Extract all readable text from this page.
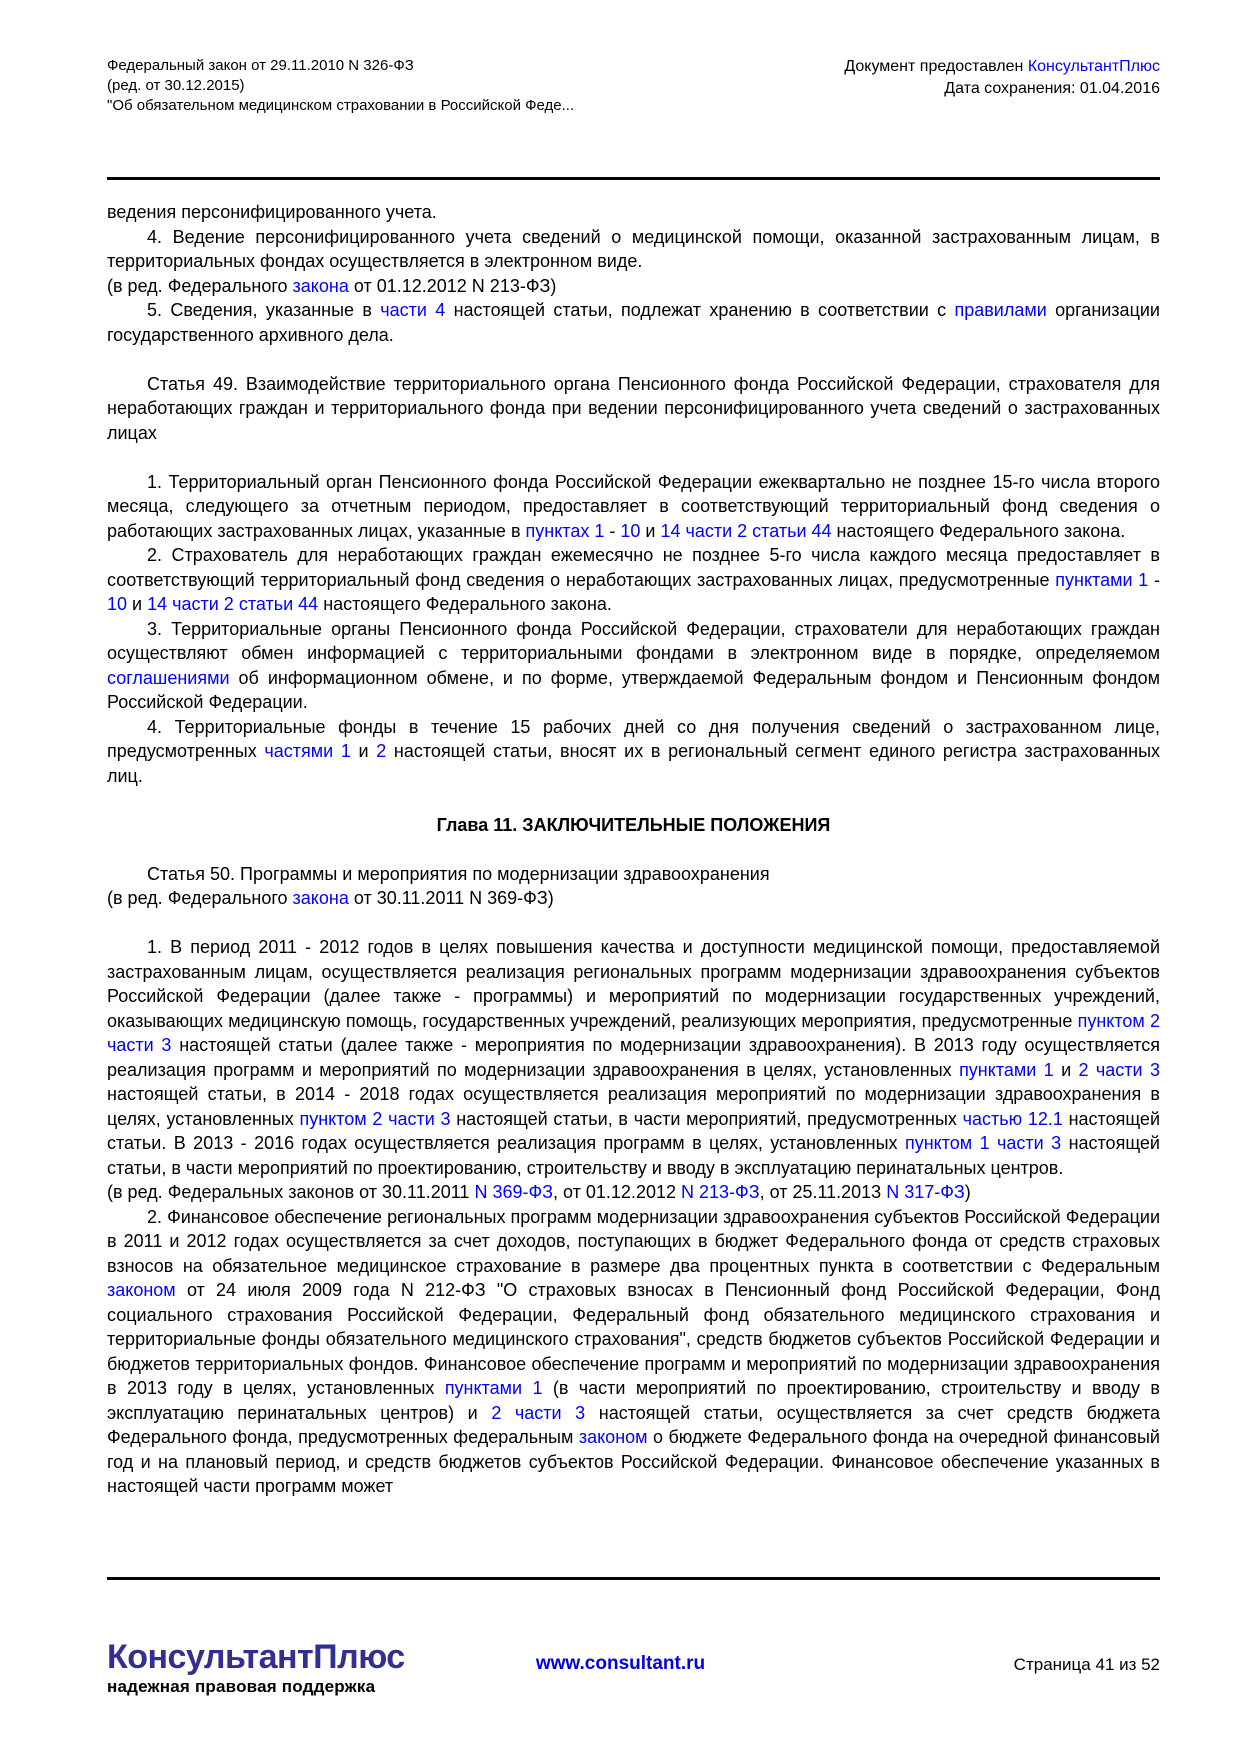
Федеральный закон от 29.11.2010 N 326-ФЗ
(ред. от 30.12.2015)
"Об обязательном медицинском страховании в Российской Феде...
Документ предоставлен КонсультантПлюс
Дата сохранения: 01.04.2016

ведения персонифицированного учета.

4. Ведение персонифицированного учета сведений о медицинской помощи, оказанной застрахованным лицам, в территориальных фондах осуществляется в электронном виде.

(в ред. Федерального закона от 01.12.2012 N 213-ФЗ)

5. Сведения, указанные в части 4 настоящей статьи, подлежат хранению в соответствии с правилами организации государственного архивного дела.

Статья 49. Взаимодействие территориального органа Пенсионного фонда Российской Федерации, страхователя для неработающих граждан и территориального фонда при ведении персонифицированного учета сведений о застрахованных лицах

1. Территориальный орган Пенсионного фонда Российской Федерации ежеквартально не позднее 15-го числа второго месяца, следующего за отчетным периодом, предоставляет в соответствующий территориальный фонд сведения о работающих застрахованных лицах, указанные в пунктах 1 - 10 и 14 части 2 статьи 44 настоящего Федерального закона.

2. Страхователь для неработающих граждан ежемесячно не позднее 5-го числа каждого месяца предоставляет в соответствующий территориальный фонд сведения о неработающих застрахованных лицах, предусмотренные пунктами 1 - 10 и 14 части 2 статьи 44 настоящего Федерального закона.

3. Территориальные органы Пенсионного фонда Российской Федерации, страхователи для неработающих граждан осуществляют обмен информацией с территориальными фондами в электронном виде в порядке, определяемом соглашениями об информационном обмене, и по форме, утверждаемой Федеральным фондом и Пенсионным фондом Российской Федерации.

4. Территориальные фонды в течение 15 рабочих дней со дня получения сведений о застрахованном лице, предусмотренных частями 1 и 2 настоящей статьи, вносят их в региональный сегмент единого регистра застрахованных лиц.

Глава 11. ЗАКЛЮЧИТЕЛЬНЫЕ ПОЛОЖЕНИЯ

Статья 50. Программы и мероприятия по модернизации здравоохранения

(в ред. Федерального закона от 30.11.2011 N 369-ФЗ)

1. В период 2011 - 2012 годов в целях повышения качества и доступности медицинской помощи, предоставляемой застрахованным лицам, осуществляется реализация региональных программ модернизации здравоохранения субъектов Российской Федерации (далее также - программы) и мероприятий по модернизации государственных учреждений, оказывающих медицинскую помощь, государственных учреждений, реализующих мероприятия, предусмотренные пунктом 2 части 3 настоящей статьи (далее также - мероприятия по модернизации здравоохранения). В 2013 году осуществляется реализация программ и мероприятий по модернизации здравоохранения в целях, установленных пунктами 1 и 2 части 3 настоящей статьи, в 2014 - 2018 годах осуществляется реализация мероприятий по модернизации здравоохранения в целях, установленных пунктом 2 части 3 настоящей статьи, в части мероприятий, предусмотренных частью 12.1 настоящей статьи. В 2013 - 2016 годах осуществляется реализация программ в целях, установленных пунктом 1 части 3 настоящей статьи, в части мероприятий по проектированию, строительству и вводу в эксплуатацию перинатальных центров.

(в ред. Федеральных законов от 30.11.2011 N 369-ФЗ, от 01.12.2012 N 213-ФЗ, от 25.11.2013 N 317-ФЗ)

2. Финансовое обеспечение региональных программ модернизации здравоохранения субъектов Российской Федерации в 2011 и 2012 годах осуществляется за счет доходов, поступающих в бюджет Федерального фонда от средств страховых взносов на обязательное медицинское страхование в размере два процентных пункта в соответствии с Федеральным законом от 24 июля 2009 года N 212-ФЗ "О страховых взносах в Пенсионный фонд Российской Федерации, Фонд социального страхования Российской Федерации, Федеральный фонд обязательного медицинского страхования и территориальные фонды обязательного медицинского страхования", средств бюджетов субъектов Российской Федерации и бюджетов территориальных фондов. Финансовое обеспечение программ и мероприятий по модернизации здравоохранения в 2013 году в целях, установленных пунктами 1 (в части мероприятий по проектированию, строительству и вводу в эксплуатацию перинатальных центров) и 2 части 3 настоящей статьи, осуществляется за счет средств бюджета Федерального фонда, предусмотренных федеральным законом о бюджете Федерального фонда на очередной финансовый год и на плановый период, и средств бюджетов субъектов Российской Федерации. Финансовое обеспечение указанных в настоящей части программ может

КонсультантПлюс
надежная правовая поддержка
www.consultant.ru	Страница 41 из 52
